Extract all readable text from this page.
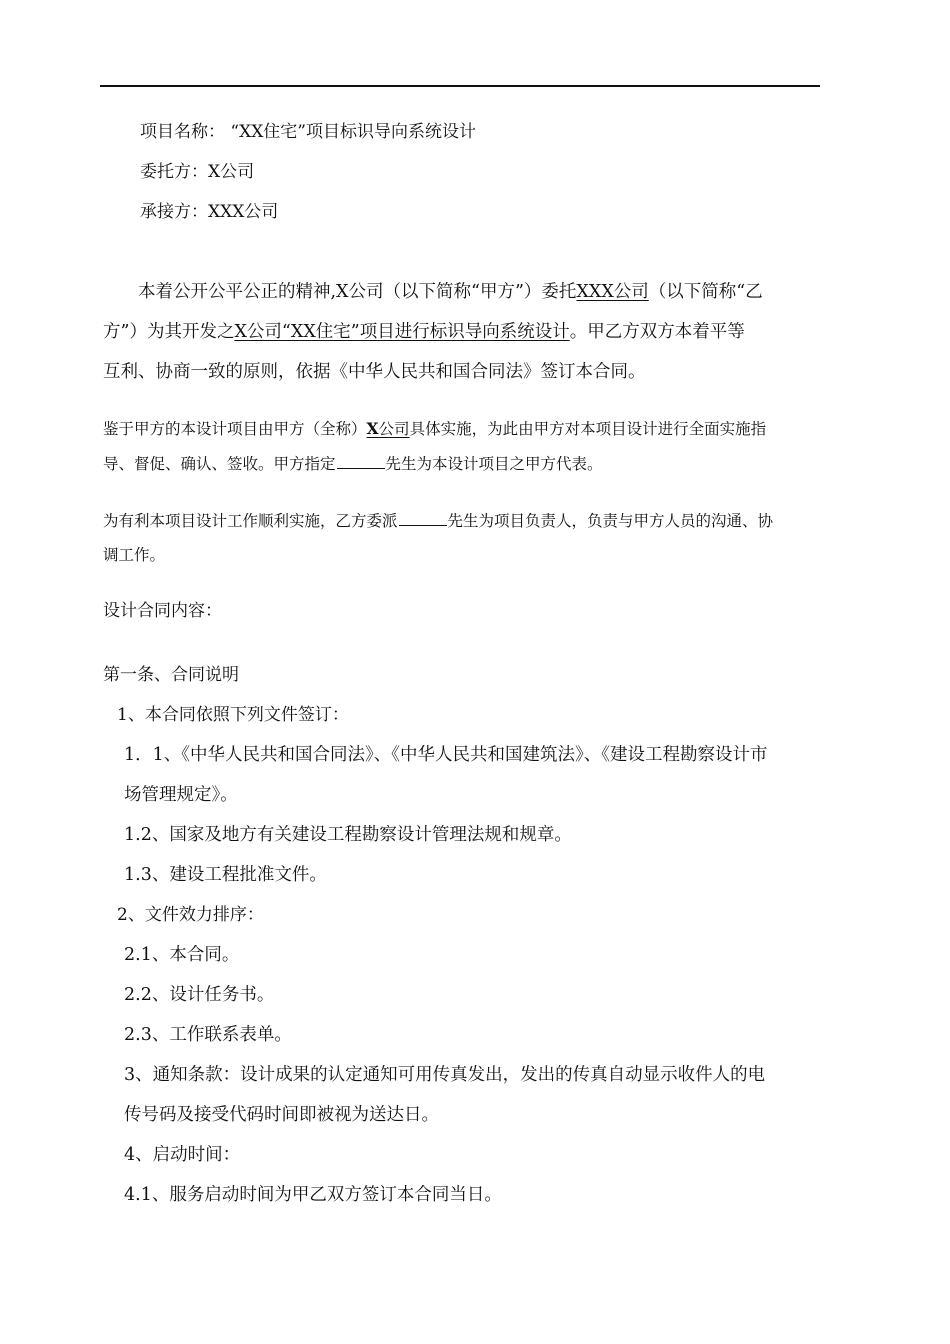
项目名称： “XX住宅”项目标识导向系统设计
委托方：X公司
承接方：XXX公司
本着公开公平公正的精神,X公司（以下简称“甲方”）委托XXX公司（以下简称“乙
方”）为其开发之X公司“XX住宅”项目进行标识导向系统设计。甲乙方双方本着平等
互利、协商一致的原则，依据《中华人民共和国合同法》签订本合同。
鉴于甲方的本设计项目由甲方（全称）X公司具体实施，为此由甲方对本项目设计进行全面实施指
导、督促、确认、签收。甲方指定	先生为本设计项目之甲方代表。
为有利本项目设计工作顺利实施，乙方委派	先生为项目负责人，负责与甲方人员的沟通、协
调工作。
设计合同内容：
第一条、合同说明
1、本合同依照下列文件签订：
1．1、《中华人民共和国合同法》、《中华人民共和国建筑法》、《建设工程勘察设计市
场管理规定》。
1.2、国家及地方有关建设工程勘察设计管理法规和规章。
1.3、建设工程批准文件。
2、文件效力排序：
2.1、本合同。
2.2、设计任务书。
2.3、工作联系表单。
3、通知条款：设计成果的认定通知可用传真发出，发出的传真自动显示收件人的电
传号码及接受代码时间即被视为送达日。
4、启动时间：
4.1、服务启动时间为甲乙双方签订本合同当日。
